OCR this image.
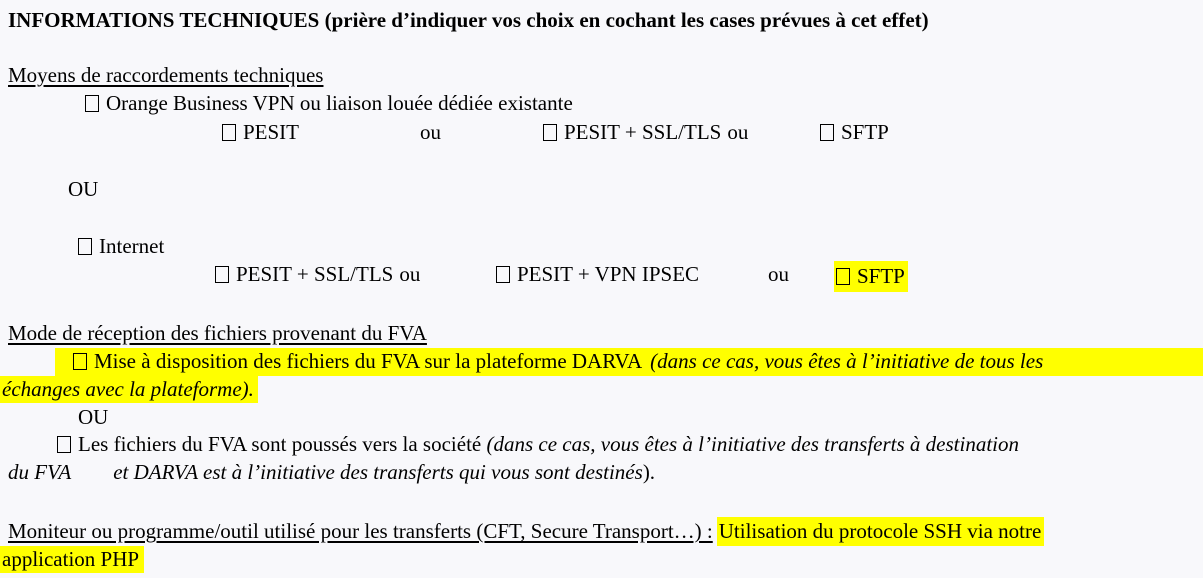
INFORMATIONS TECHNIQUES (prière d’indiquer vos choix en cochant les cases prévues à cet effet)
Moyens de raccordements techniques
Orange Business VPN ou liaison louée dédiée existante
PESIT	ou	PESIT + SSL/TLS ou	SFTP
OU
Internet
PESIT + SSL/TLS ou	PESIT + VPN IPSEC	ou	SFTP
Mode de réception des fichiers provenant du FVA
Mise à disposition des fichiers du FVA sur la plateforme DARVA (dans ce cas, vous êtes à l’initiative de tous les
échanges avec la plateforme).
OU
Les fichiers du FVA sont poussés vers la société (dans ce cas, vous êtes à l’initiative des transferts à destination
du FVA et DARVA est à l’initiative des transferts qui vous sont destinés).
Moniteur ou programme/outil utilisé pour les transferts (CFT, Secure Transport…) : Utilisation du protocole SSH via notre
application PHP
